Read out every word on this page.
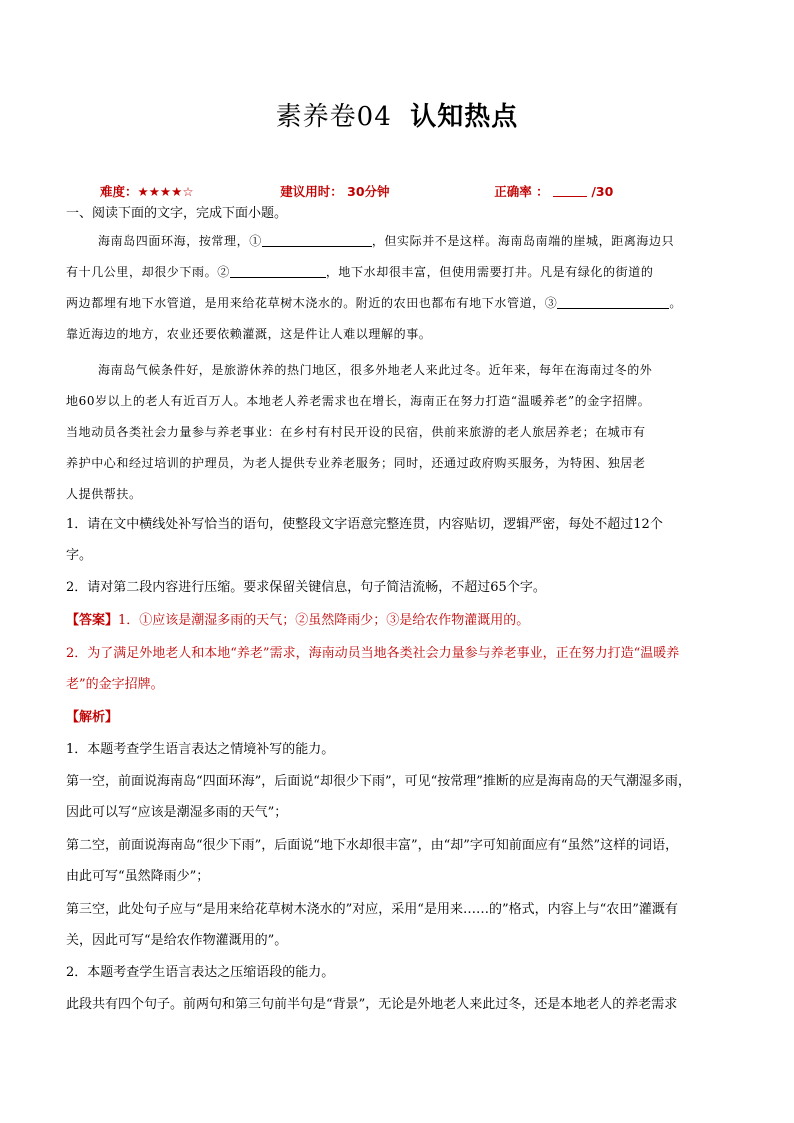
素养卷04 认知热点
难度：★★★★☆	建议用时： 30分钟	正确率 ：	/30
一、阅读下面的文字，完成下面小题。
海南岛四面环海，按常理，①	，但实际并不是这样。海南岛南端的崖城，距离海边只
有十几公里，却很少下雨。②	，地下水却很丰富，但使用需要打井。凡是有绿化的街道的
两边都埋有地下水管道，是用来给花草树木浇水的。附近的农田也都布有地下水管道，③	。
靠近海边的地方，农业还要依赖灌溉，这是件让人难以理解的事。
海南岛气候条件好，是旅游休养的热门地区，很多外地老人来此过冬。近年来，每年在海南过冬的外
地60岁以上的老人有近百万人。本地老人养老需求也在增长，海南正在努力打造“温暖养老”的金字招牌。
当地动员各类社会力量参与养老事业：在乡村有村民开设的民宿，供前来旅游的老人旅居养老；在城市有
养护中心和经过培训的护理员，为老人提供专业养老服务；同时，还通过政府购买服务，为特困、独居老
人提供帮扶。
1．请在文中横线处补写恰当的语句，使整段文字语意完整连贯，内容贴切，逻辑严密，每处不超过12个
字。
2．请对第二段内容进行压缩。要求保留关键信息，句子简洁流畅，不超过65个字。
【答案】1．①应该是潮湿多雨的天气；②虽然降雨少；③是给农作物灌溉用的。
2．为了满足外地老人和本地“养老”需求，海南动员当地各类社会力量参与养老事业，正在努力打造“温暖养
老”的金字招牌。
【解析】
1．本题考查学生语言表达之情境补写的能力。
第一空，前面说海南岛“四面环海”，后面说“却很少下雨”，可见“按常理”推断的应是海南岛的天气潮湿多雨，
因此可以写“应该是潮湿多雨的天气”；
第二空，前面说海南岛“很少下雨”，后面说“地下水却很丰富”，由“却”字可知前面应有“虽然”这样的词语，
由此可写“虽然降雨少”；
第三空，此处句子应与“是用来给花草树木浇水的”对应，采用“是用来……的”格式，内容上与“农田”灌溉有
关，因此可写“是给农作物灌溉用的”。
2．本题考查学生语言表达之压缩语段的能力。
此段共有四个句子。前两句和第三句前半句是“背景”，无论是外地老人来此过冬，还是本地老人的养老需求
